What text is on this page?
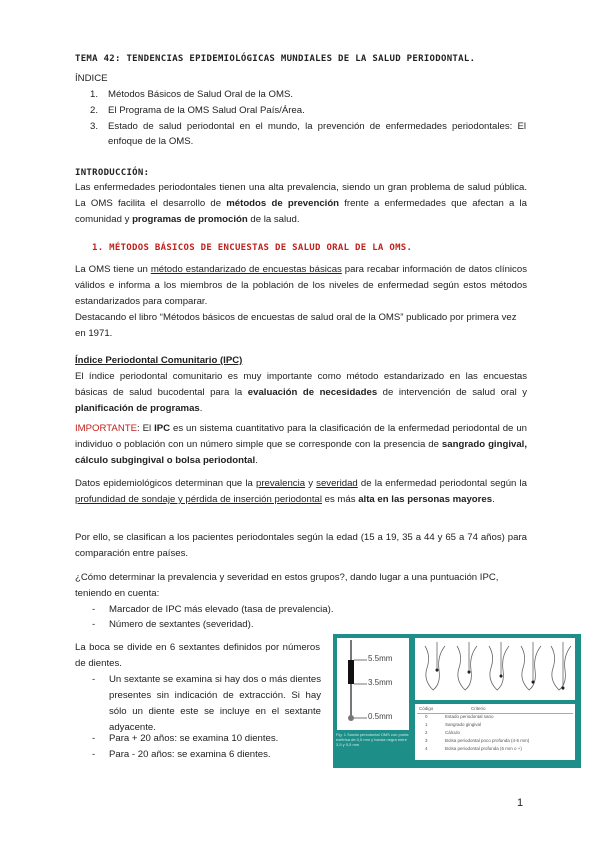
TEMA 42: TENDENCIAS EPIDEMIOLÓGICAS MUNDIALES DE LA SALUD PERIODONTAL.
ÍNDICE
1. Métodos Básicos de Salud Oral de la OMS.
2. El Programa de la OMS Salud Oral País/Área.
3. Estado de salud periodontal en el mundo, la prevención de enfermedades periodontales: El enfoque de la OMS.
INTRODUCCIÓN:

Las enfermedades periodontales tienen una alta prevalencia, siendo un gran problema de salud pública. La OMS facilita el desarrollo de métodos de prevención frente a enfermedades que afectan a la comunidad y programas de promoción de la salud.

1. MÉTODOS BÁSICOS DE ENCUESTAS DE SALUD ORAL DE LA OMS.

La OMS tiene un método estandarizado de encuestas básicas para recabar información de datos clínicos válidos e informa a los miembros de la población de los niveles de enfermedad según estos métodos estandarizados para comparar.

Destacando el libro “Métodos básicos de encuestas de salud oral de la OMS” publicado por primera vez en 1971.

Índice Periodontal Comunitario (IPC)

El índice periodontal comunitario es muy importante como método estandarizado en las encuestas básicas de salud bucodental para la evaluación de necesidades de intervención de salud oral y planificación de programas.

IMPORTANTE: El IPC es un sistema cuantitativo para la clasificación de la enfermedad periodontal de un individuo o población con un número simple que se corresponde con la presencia de sangrado gingival, cálculo subgingival o bolsa periodontal.

Datos epidemiológicos determinan que la prevalencia y severidad de la enfermedad periodontal según la profundidad de sondaje y pérdida de inserción periodontal es más alta en las personas mayores.

Por ello, se clasifican a los pacientes periodontales según la edad (15 a 19, 35 a 44 y 65 a 74 años) para comparación entre países.

¿Cómo determinar la prevalencia y severidad en estos grupos?, dando lugar a una puntuación IPC, teniendo en cuenta:

- Marcador de IPC más elevado (tasa de prevalencia).
- Número de sextantes (severidad).

La boca se divide en 6 sextantes definidos por números de dientes.

- Un sextante se examina si hay dos o más dientes presentes sin indicación de extracción. Si hay sólo un diente este se incluye en el sextante adyacente.

- Para + 20 años: se examina 10 dientes.
- Para - 20 años: se examina 6 dientes.
5.5mm
3.5mm
0.5mm
Fig. 1 Sonda periodontal OMS con punta esférica de 0,5 mm y banda negra entre 3,5 y 5,5 mm
Código	Criterio
0	Estado periodontal sano
1	Sangrado gingival
2	Cálculo
3	Bolsa periodontal poco profunda (4-5 mm)
4	Bolsa periodontal profunda (6 mm o +)
1
